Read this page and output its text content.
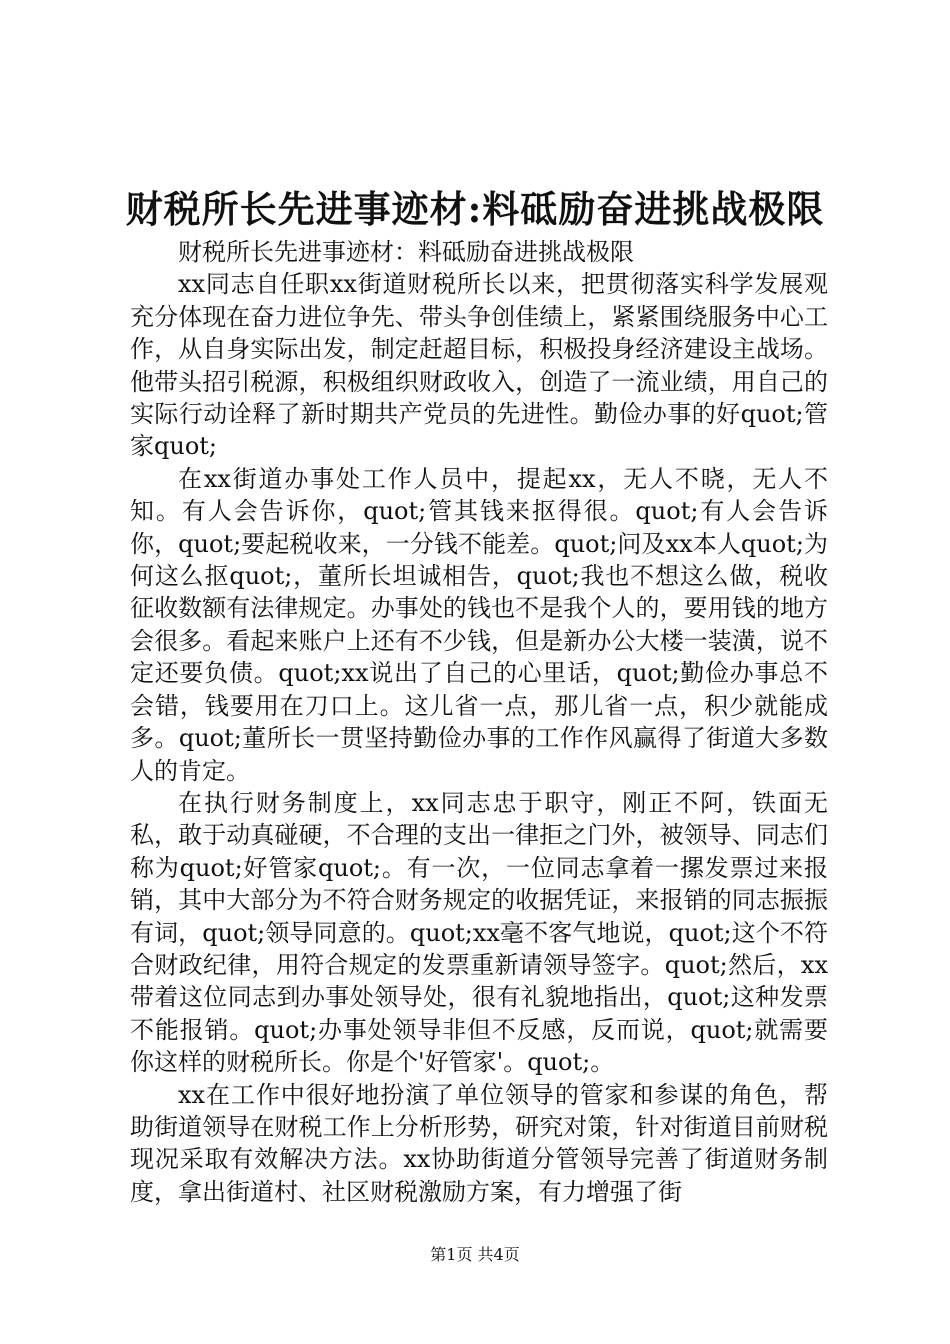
财税所长先进事迹材:料砥励奋进挑战极限

财税所长先进事迹材：料砥励奋进挑战极限

xx同志自任职xx街道财税所长以来，把贯彻落实科学发展观充分体现在奋力进位争先、带头争创佳绩上，紧紧围绕服务中心工作，从自身实际出发，制定赶超目标，积极投身经济建设主战场。他带头招引税源，积极组织财政收入，创造了一流业绩，用自己的实际行动诠释了新时期共产党员的先进性。勤俭办事的好quot;管家quot;

在xx街道办事处工作人员中，提起xx，无人不晓，无人不知。有人会告诉你，quot;管其钱来抠得很。quot;有人会告诉你，quot;要起税收来，一分钱不能差。quot;问及xx本人quot;为何这么抠quot;，董所长坦诚相告，quot;我也不想这么做，税收征收数额有法律规定。办事处的钱也不是我个人的，要用钱的地方会很多。看起来账户上还有不少钱，但是新办公大楼一装潢，说不定还要负债。quot;xx说出了自己的心里话，quot;勤俭办事总不会错，钱要用在刀口上。这儿省一点，那儿省一点，积少就能成多。quot;董所长一贯坚持勤俭办事的工作作风赢得了街道大多数人的肯定。

在执行财务制度上，xx同志忠于职守，刚正不阿，铁面无私，敢于动真碰硬，不合理的支出一律拒之门外，被领导、同志们称为quot;好管家quot;。有一次，一位同志拿着一摞发票过来报销，其中大部分为不符合财务规定的收据凭证，来报销的同志振振有词，quot;领导同意的。quot;xx毫不客气地说，quot;这个不符合财政纪律，用符合规定的发票重新请领导签字。quot;然后，xx带着这位同志到办事处领导处，很有礼貌地指出，quot;这种发票不能报销。quot;办事处领导非但不反感，反而说，quot;就需要你这样的财税所长。你是个'好管家'。quot;。

xx在工作中很好地扮演了单位领导的管家和参谋的角色，帮助街道领导在财税工作上分析形势，研究对策，针对街道目前财税现况采取有效解决方法。xx协助街道分管领导完善了街道财务制度，拿出街道村、社区财税激励方案，有力增强了街

第1页 共4页
